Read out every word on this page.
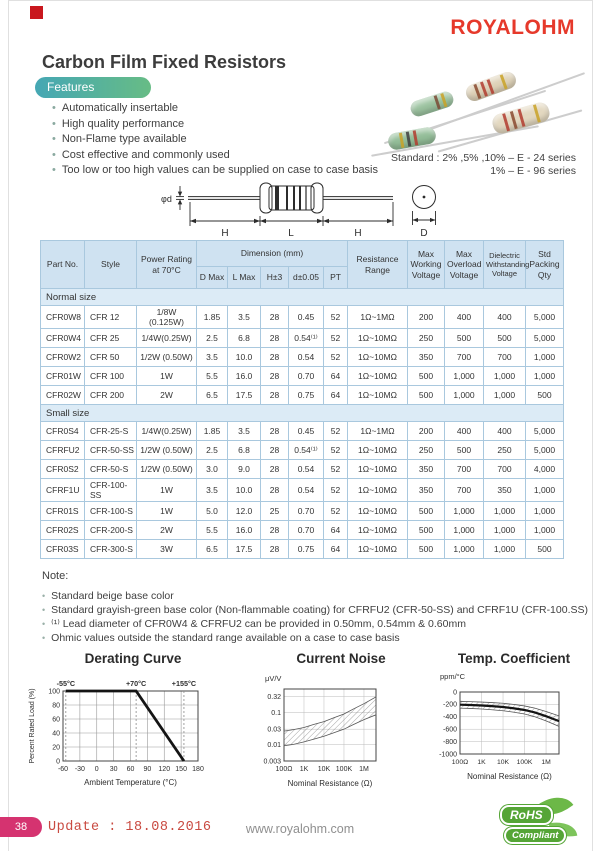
ROYALOHM
Carbon Film Fixed Resistors
Features
• Automatically insertable
• High quality performance
• Non-Flame type available
• Cost effective and commonly used
• Too low or too high values can be supplied on case to case basis
Standard : 2% ,5% ,10% – E - 24 series
1% – E - 96 series
φd
H	L	H	D
Part No.	Style	Power Rating at 70°C	Dimension (mm)					Resistance Range	Max Working Voltage	Max Overload Voltage	Dielectric Withstanding Voltage	Std Packing Qty
			D Max	L Max	H±3	d±0.05	PT					
Normal size												
CFR0W8	CFR 12	1/8W (0.125W)	1.85	3.5	28	0.45	52	1Ω~1MΩ	200	400	400	5,000
CFR0W4	CFR 25	1/4W(0.25W)	2.5	6.8	28	0.54⁽¹⁾	52	1Ω~10MΩ	250	500	500	5,000
CFR0W2	CFR 50	1/2W (0.50W)	3.5	10.0	28	0.54	52	1Ω~10MΩ	350	700	700	1,000
CFR01W	CFR 100	1W	5.5	16.0	28	0.70	64	1Ω~10MΩ	500	1,000	1,000	1,000
CFR02W	CFR 200	2W	6.5	17.5	28	0.75	64	1Ω~10MΩ	500	1,000	1,000	500
Small size												
CFR0S4	CFR-25-S	1/4W(0.25W)	1.85	3.5	28	0.45	52	1Ω~1MΩ	200	400	400	5,000
CFRFU2	CFR-50-SS	1/2W (0.50W)	2.5	6.8	28	0.54⁽¹⁾	52	1Ω~10MΩ	250	500	250	5,000
CFR0S2	CFR-50-S	1/2W (0.50W)	3.0	9.0	28	0.54	52	1Ω~10MΩ	350	700	700	4,000
CFRF1U	CFR-100-SS	1W	3.5	10.0	28	0.54	52	1Ω~10MΩ	350	700	350	1,000
CFR01S	CFR-100-S	1W	5.0	12.0	25	0.70	52	1Ω~10MΩ	500	1,000	1,000	1,000
CFR02S	CFR-200-S	2W	5.5	16.0	28	0.70	64	1Ω~10MΩ	500	1,000	1,000	1,000
CFR03S	CFR-300-S	3W	6.5	17.5	28	0.75	64	1Ω~10MΩ	500	1,000	1,000	500
Note:
• Standard beige base color
• Standard grayish-green base color (Non-flammable coating) for CFRFU2 (CFR-50-SS) and CFRF1U (CFR-100.SS)
• ⁽¹⁾ Lead diameter of CFR0W4 & CFRFU2 can be provided in 0.50mm, 0.54mm & 0.60mm
• Ohmic values outside the standard range available on a case to case basis
Derating Curve
-60 -30 0 30 60 90 120 150 180
0
20
40
60
80
100
-55°C	+70°C	+155°C
Ambient Temperature (°C)
Percent Rated Load (%)
Current Noise
100Ω 1K 10K 100K 1M
0.32
0.1
0.03
0.01
0.003
μV/V
Nominal Resistance (Ω)
Temp. Coefficient
100Ω 1K 10K 100K 1M
0
-200
-400
-600
-800
-1000
ppm/°C
Nominal Resistance (Ω)
38	Update : 18.08.2016	www.royalohm.com
RoHS
Compliant
